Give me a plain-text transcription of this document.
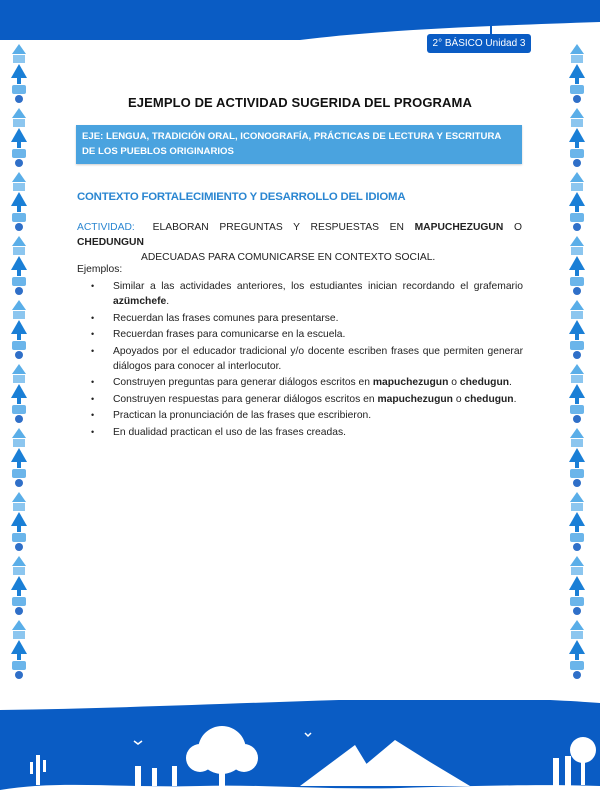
2° BÁSICO Unidad 3
EJEMPLO DE ACTIVIDAD SUGERIDA DEL PROGRAMA
EJE: LENGUA, TRADICIÓN ORAL, ICONOGRAFÍA, PRÁCTICAS DE LECTURA Y ESCRITURA DE LOS PUEBLOS ORIGINARIOS
CONTEXTO FORTALECIMIENTO Y DESARROLLO DEL IDIOMA
ACTIVIDAD: ELABORAN PREGUNTAS Y RESPUESTAS EN MAPUCHEZUGUN O CHEDUNGUN
ADECUADAS PARA COMUNICARSE EN CONTEXTO SOCIAL.
Ejemplos:
• Similar a las actividades anteriores, los estudiantes inician recordando el grafemario azümchefe.
• Recuerdan las frases comunes para presentarse.
• Recuerdan frases para comunicarse en la escuela.
• Apoyados por el educador tradicional y/o docente escriben frases que permiten generar diálogos para conocer al interlocutor.
• Construyen preguntas para generar diálogos escritos en mapuchezugun o chedugun.
• Construyen respuestas para generar diálogos escritos en mapuchezugun o chedugun.
• Practican la pronunciación de las frases que escribieron.
• En dualidad practican el uso de las frases creadas.
